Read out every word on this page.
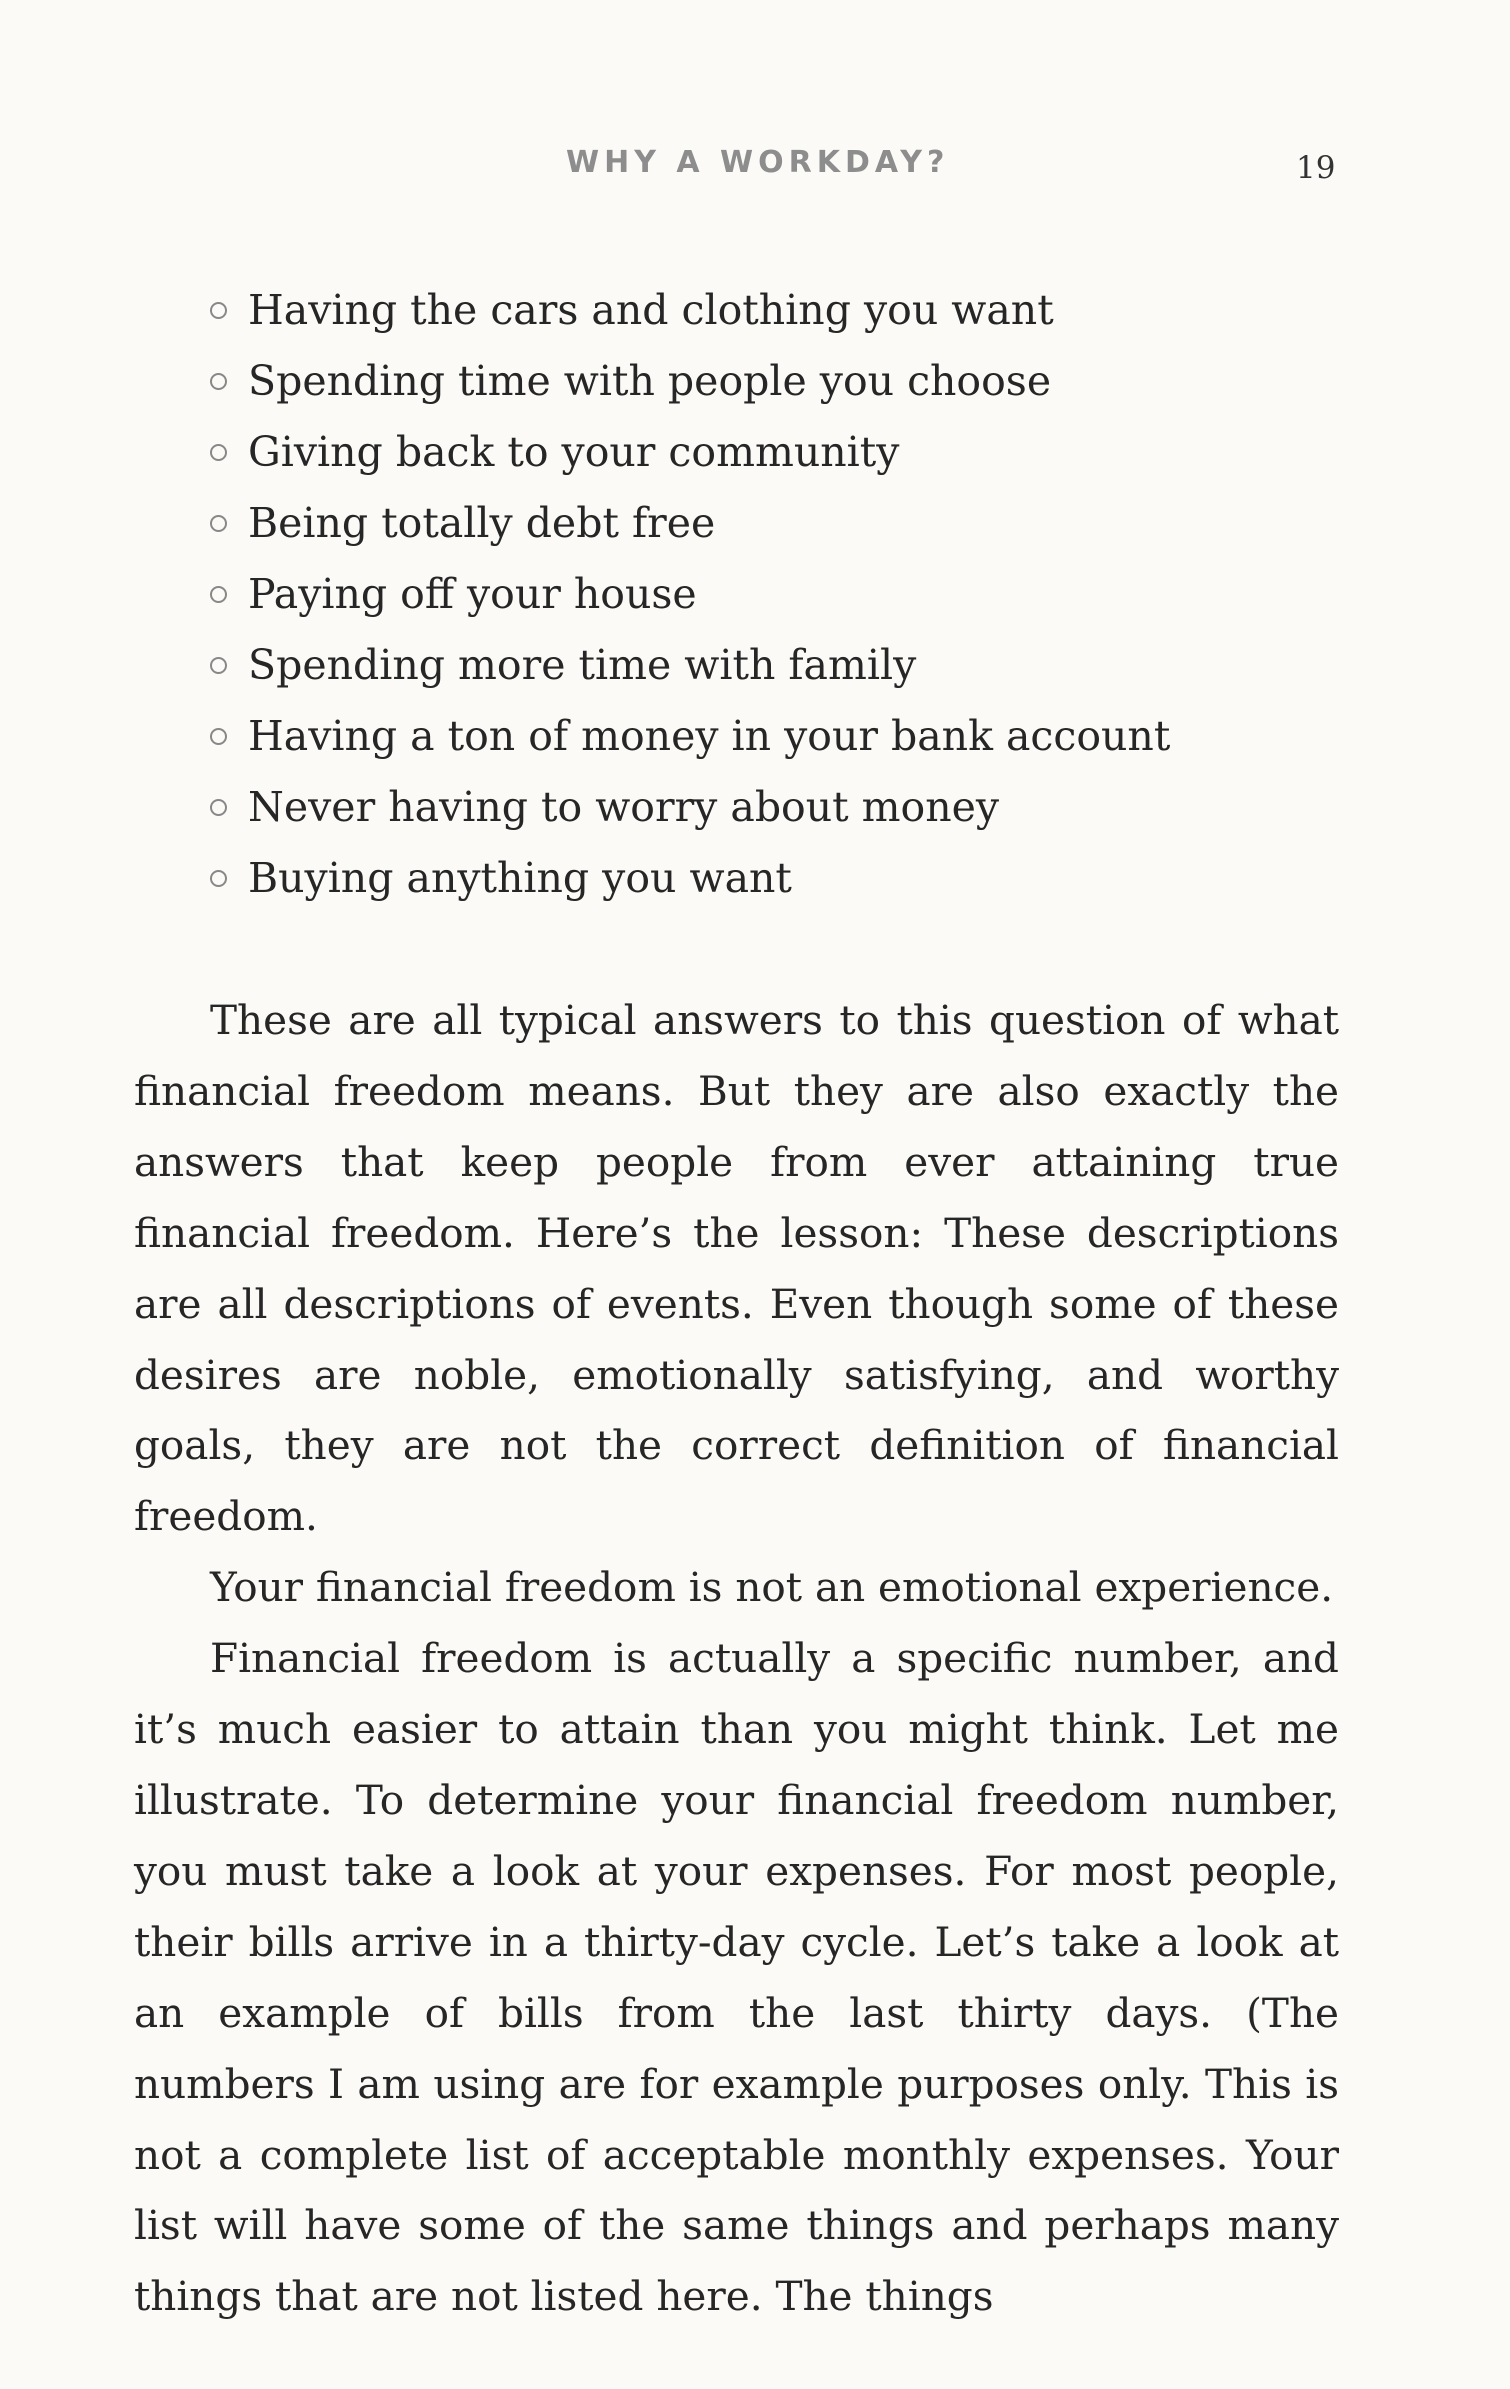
WHY A WORKDAY?	19
Having the cars and clothing you want
Spending time with people you choose
Giving back to your community
Being totally debt free
Paying off your house
Spending more time with family
Having a ton of money in your bank account
Never having to worry about money
Buying anything you want

These are all typical answers to this question of what financial freedom means. But they are also exactly the answers that keep people from ever attaining true financial freedom. Here’s the lesson: These descriptions are all descriptions of events. Even though some of these desires are noble, emotionally satisfying, and worthy goals, they are not the correct definition of financial freedom.

Your financial freedom is not an emotional experience.

Financial freedom is actually a specific number, and it’s much easier to attain than you might think. Let me illustrate. To determine your financial freedom number, you must take a look at your expenses. For most people, their bills arrive in a thirty-day cycle. Let’s take a look at an example of bills from the last thirty days. (The numbers I am using are for example purposes only. This is not a complete list of acceptable monthly expenses. Your list will have some of the same things and perhaps many things that are not listed here. The things
